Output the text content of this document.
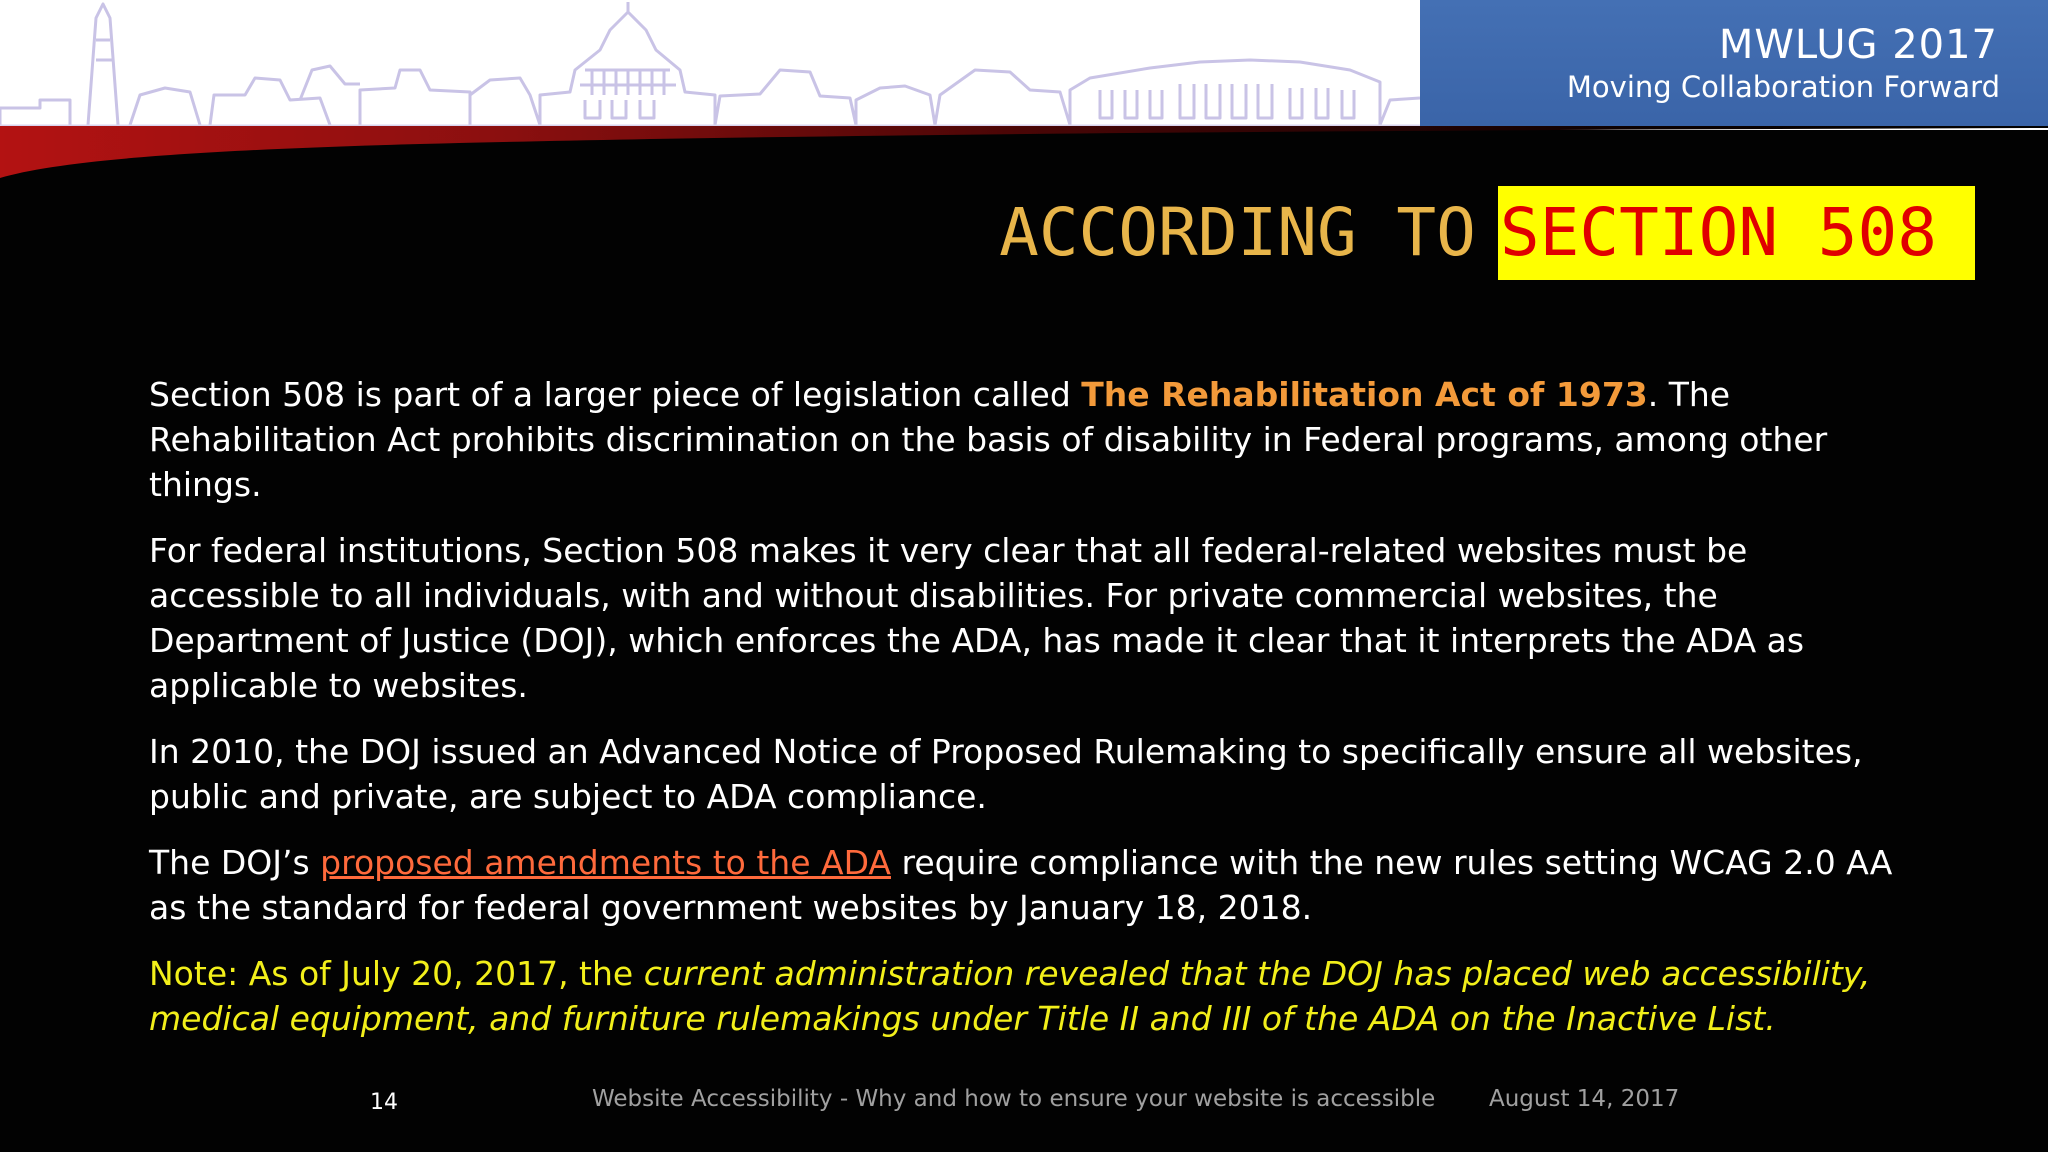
MWLUG 2017
Moving Collaboration Forward
ACCORDING TO SECTION 508

Section 508 is part of a larger piece of legislation called The Rehabilitation Act of 1973. The Rehabilitation Act prohibits discrimination on the basis of disability in Federal programs, among other things.

For federal institutions, Section 508 makes it very clear that all federal-related websites must be accessible to all individuals, with and without disabilities. For private commercial websites, the Department of Justice (DOJ), which enforces the ADA, has made it clear that it interprets the ADA as applicable to websites.

In 2010, the DOJ issued an Advanced Notice of Proposed Rulemaking to specifically ensure all websites, public and private, are subject to ADA compliance.

The DOJ’s proposed amendments to the ADA require compliance with the new rules setting WCAG 2.0 AA as the standard for federal government websites by January 18, 2018.

Note: As of July 20, 2017, the current administration revealed that the DOJ has placed web accessibility, medical equipment, and furniture rulemakings under Title II and III of the ADA on the Inactive List.

14	Website Accessibility - Why and how to ensure your website is accessible August 14, 2017
